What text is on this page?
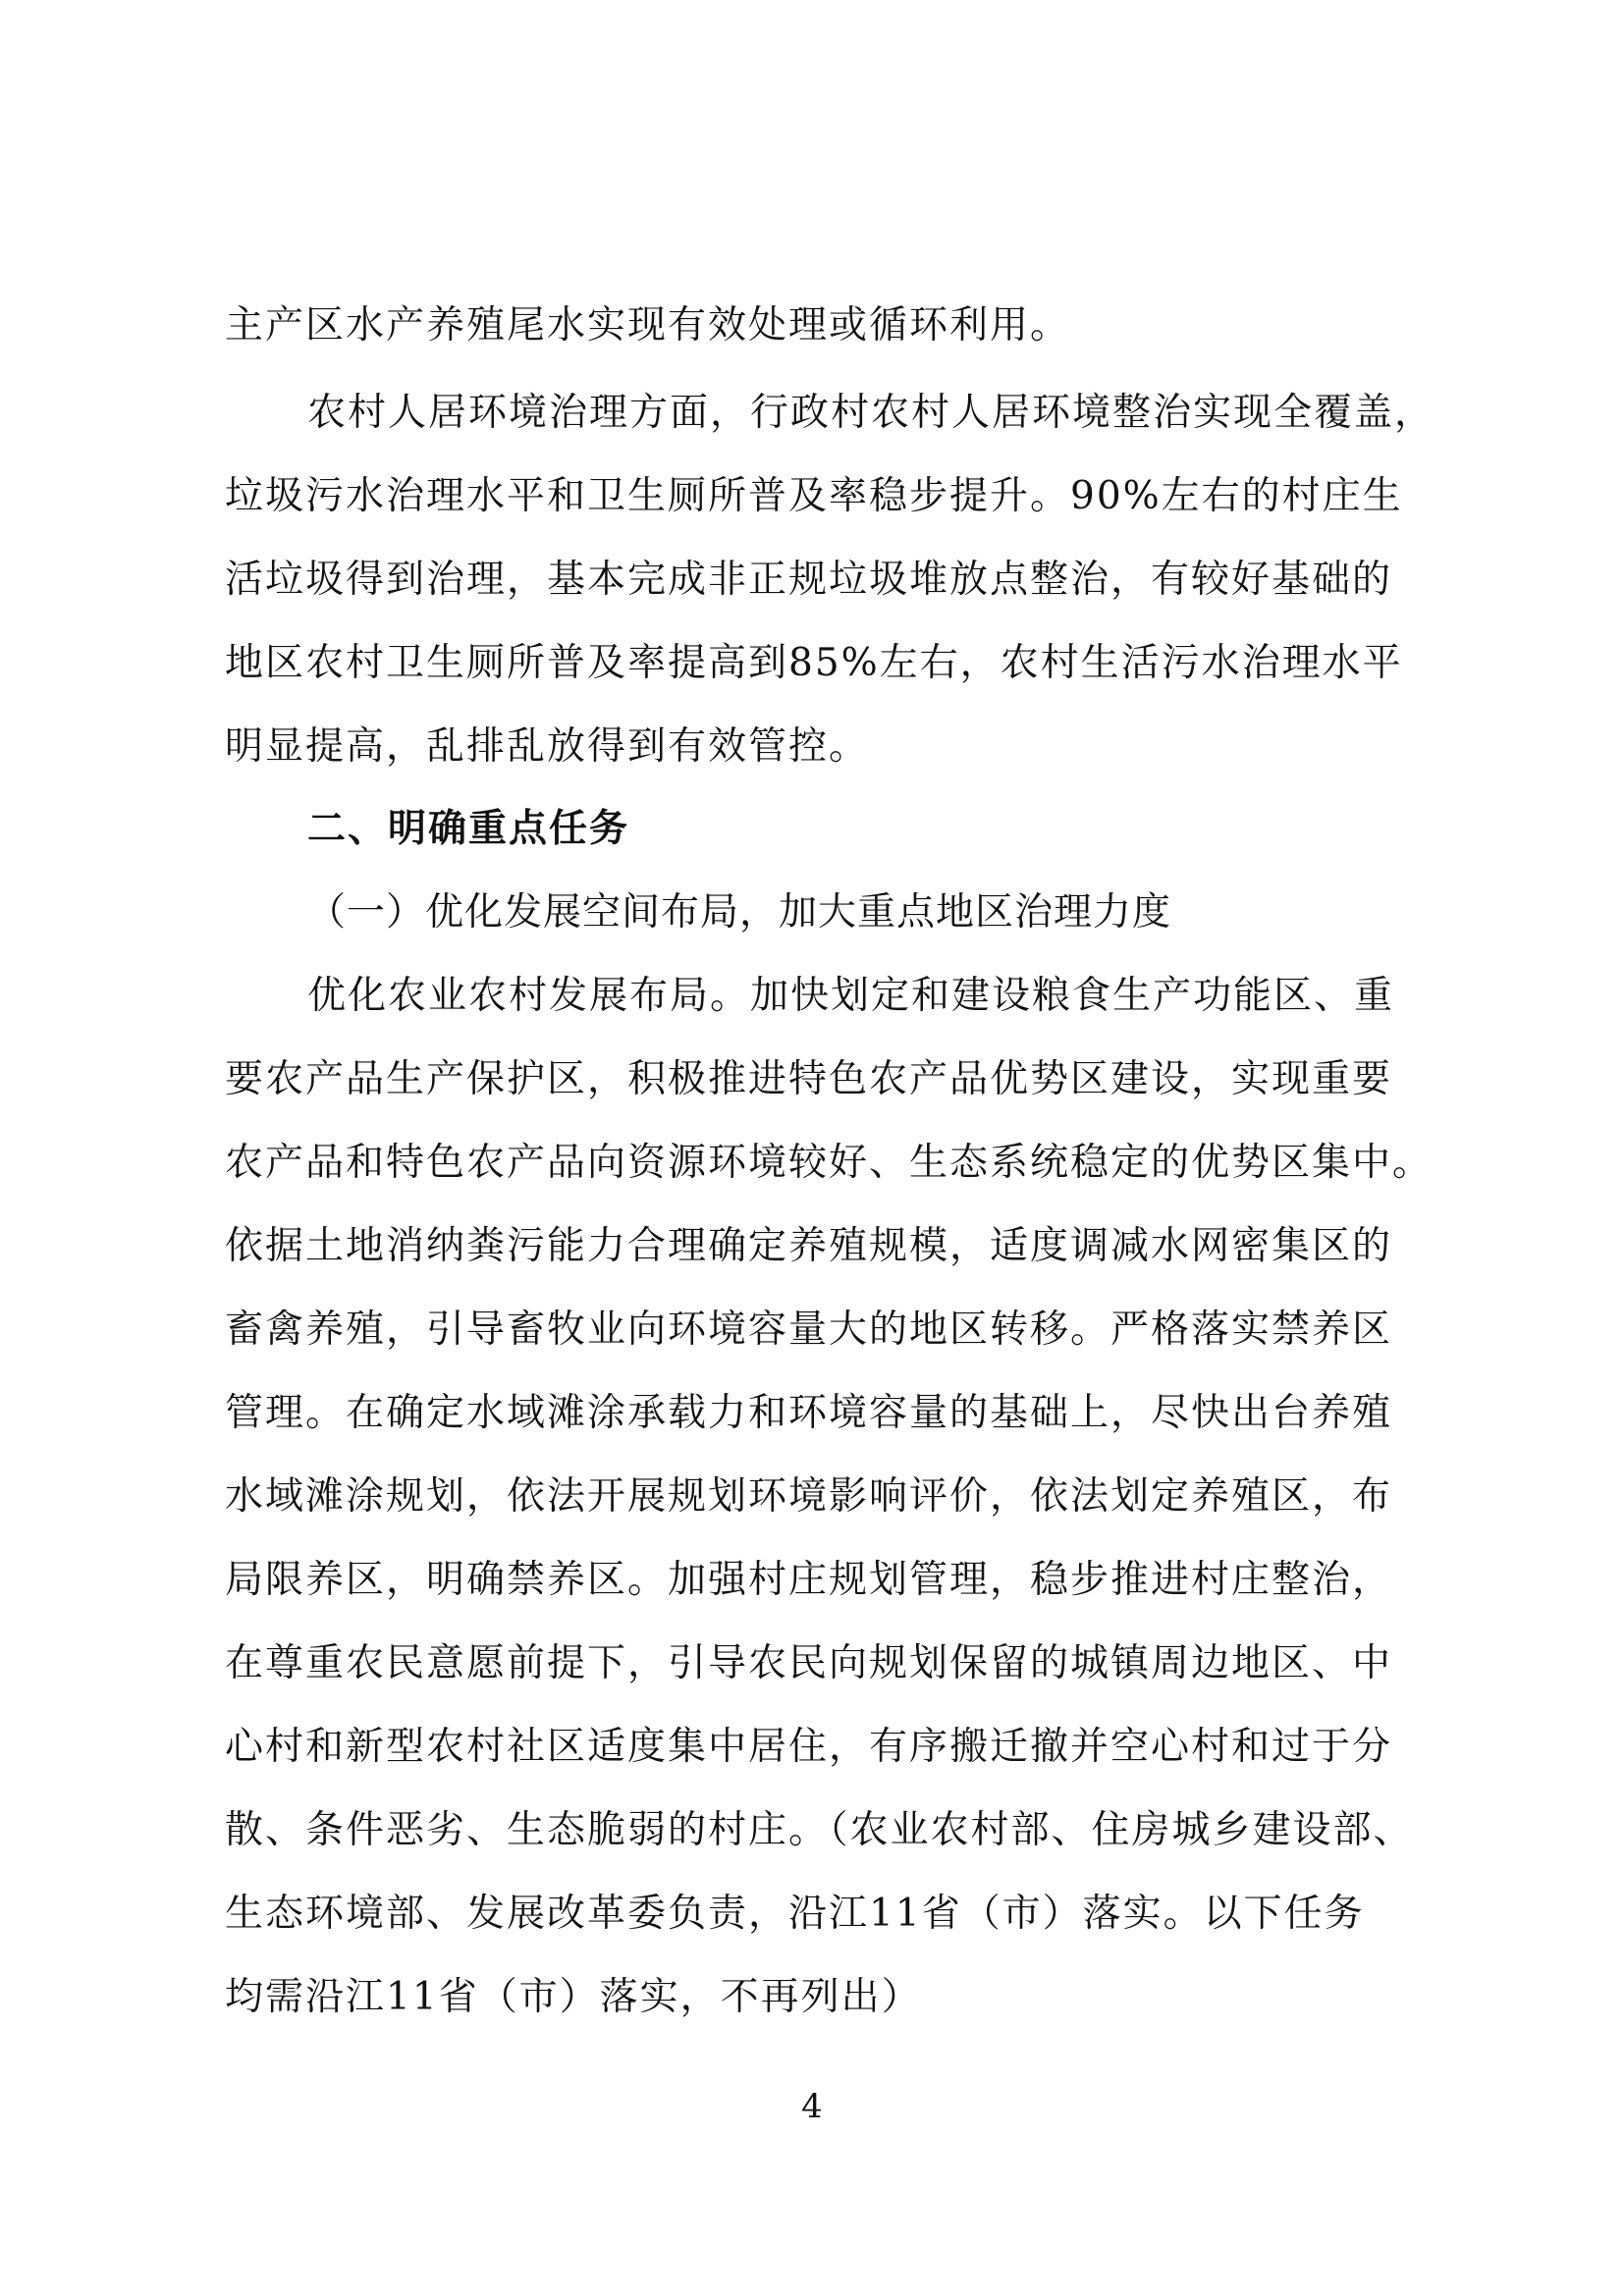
主产区水产养殖尾水实现有效处理或循环利用。
农村人居环境治理方面，行政村农村人居环境整治实现全覆盖，
垃圾污水治理水平和卫生厕所普及率稳步提升。90%左右的村庄生
活垃圾得到治理，基本完成非正规垃圾堆放点整治，有较好基础的
地区农村卫生厕所普及率提高到85%左右，农村生活污水治理水平
明显提高，乱排乱放得到有效管控。
二、明确重点任务
（一）优化发展空间布局，加大重点地区治理力度
优化农业农村发展布局。加快划定和建设粮食生产功能区、重
要农产品生产保护区，积极推进特色农产品优势区建设，实现重要
农产品和特色农产品向资源环境较好、生态系统稳定的优势区集中。
依据土地消纳粪污能力合理确定养殖规模，适度调减水网密集区的
畜禽养殖，引导畜牧业向环境容量大的地区转移。严格落实禁养区
管理。在确定水域滩涂承载力和环境容量的基础上，尽快出台养殖
水域滩涂规划，依法开展规划环境影响评价，依法划定养殖区，布
局限养区，明确禁养区。加强村庄规划管理，稳步推进村庄整治，
在尊重农民意愿前提下，引导农民向规划保留的城镇周边地区、中
心村和新型农村社区适度集中居住，有序搬迁撤并空心村和过于分
散、条件恶劣、生态脆弱的村庄。（农业农村部、住房城乡建设部、
生态环境部、发展改革委负责，沿江11省（市）落实。以下任务
均需沿江11省（市）落实，不再列出）
4
